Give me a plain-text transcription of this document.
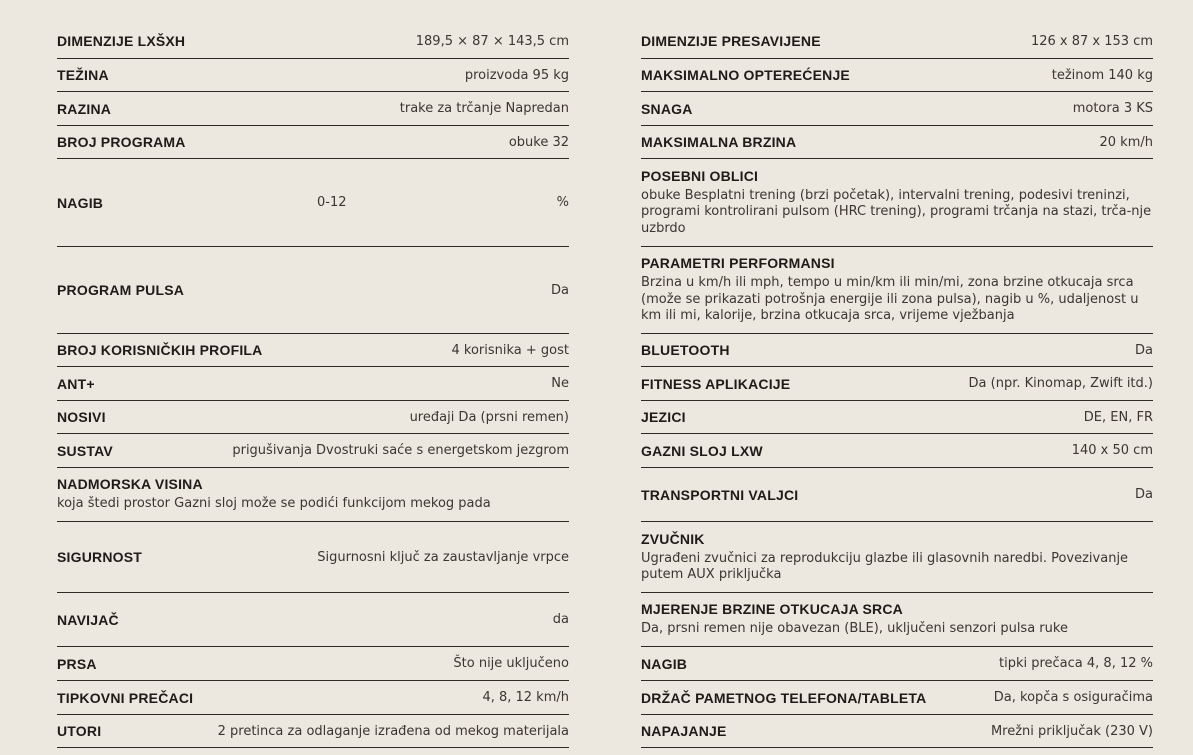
DIMENZIJE LXŠXH	189,5 × 87 × 143,5 cm
TEŽINA	proizvoda 95 kg
RAZINA	trake za trčanje Napredan
BROJ PROGRAMA	obuke 32
NAGIB	0-12	%
PROGRAM PULSA	Da
BROJ KORISNIČKIH PROFILA	4 korisnika + gost
ANT+	Ne
NOSIVI	uređaji Da (prsni remen)
SUSTAV	prigušivanja Dvostruki saće s energetskom jezgrom
NADMORSKA VISINA
koja štedi prostor Gazni sloj može se podići funkcijom mekog pada
SIGURNOST	Sigurnosni ključ za zaustavljanje vrpce
NAVIJAČ	da
PRSA	Što nije uključeno
TIPKOVNI PREČACI	4, 8, 12 km/h
UTORI	2 pretinca za odlaganje izrađena od mekog materijala
DIMENZIJE PRESAVIJENE	126 x 87 x 153 cm
MAKSIMALNO OPTEREĆENJE	težinom 140 kg
SNAGA	motora 3 KS
MAKSIMALNA BRZINA	20 km/h
POSEBNI OBLICI
obuke Besplatni trening (brzi početak), intervalni trening, podesivi treninzi, programi kontrolirani pulsom (HRC trening), programi trčanja na stazi, trča-nje uzbrdo
PARAMETRI PERFORMANSI
Brzina u km/h ili mph, tempo u min/km ili min/mi, zona brzine otkucaja srca (može se prikazati potrošnja energije ili zona pulsa), nagib u %, udaljenost u km ili mi, kalorije, brzina otkucaja srca, vrijeme vježbanja
BLUETOOTH	Da
FITNESS APLIKACIJE	Da (npr. Kinomap, Zwift itd.)
JEZICI	DE, EN, FR
GAZNI SLOJ LXW	140 x 50 cm
TRANSPORTNI VALJCI	Da
ZVUČNIK
Ugrađeni zvučnici za reprodukciju glazbe ili glasovnih naredbi. Povezivanje putem AUX priključka
MJERENJE BRZINE OTKUCAJA SRCA
Da, prsni remen nije obavezan (BLE), uključeni senzori pulsa ruke
NAGIB	tipki prečaca 4, 8, 12 %
DRŽAČ PAMETNOG TELEFONA/TABLETA	Da, kopča s osiguračima
NAPAJANJE	Mrežni priključak (230 V)
